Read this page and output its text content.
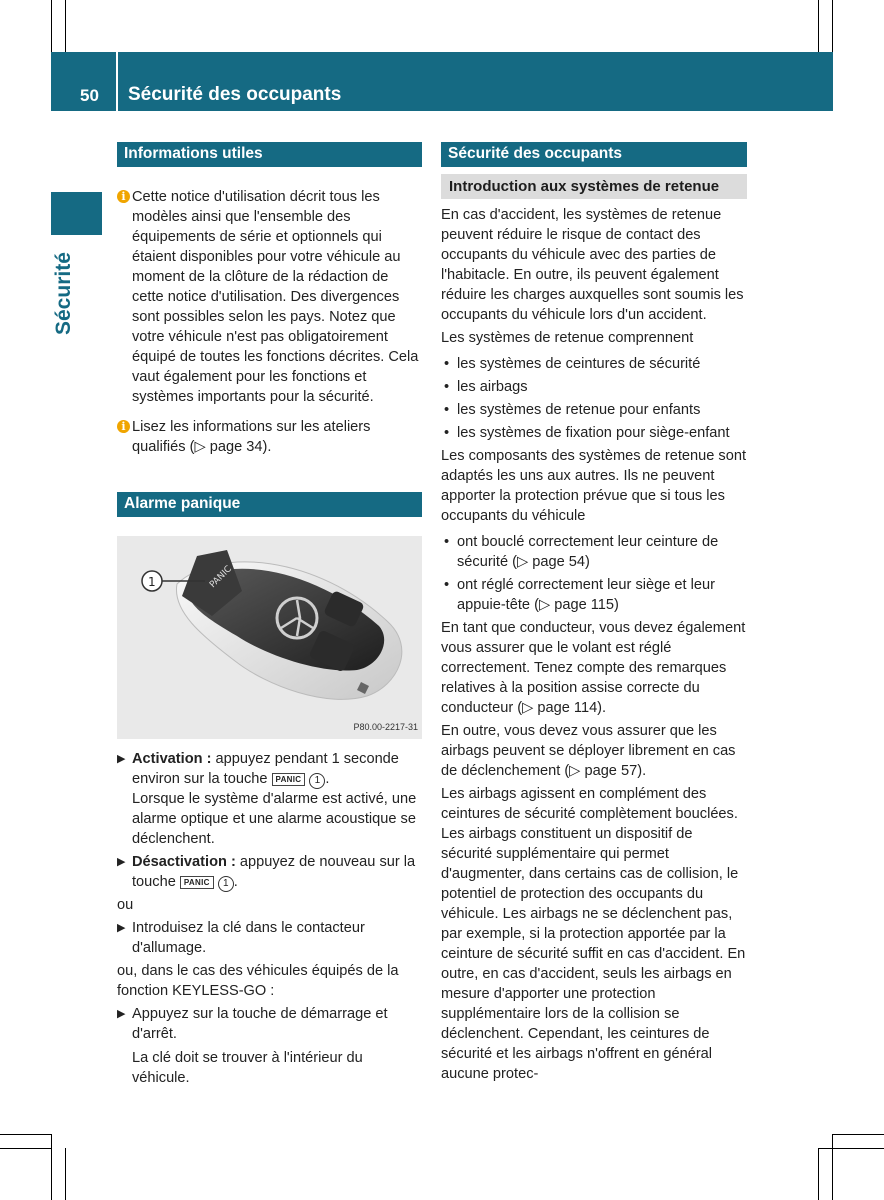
50 Sécurité des occupants
Sécurité
Informations utiles
i Cette notice d'utilisation décrit tous les modèles ainsi que l'ensemble des équipements de série et optionnels qui étaient disponibles pour votre véhicule au moment de la clôture de la rédaction de cette notice d'utilisation. Des divergences sont possibles selon les pays. Notez que votre véhicule n'est pas obligatoirement équipé de toutes les fonctions décrites. Cela vaut également pour les fonctions et systèmes importants pour la sécurité.
i Lisez les informations sur les ateliers qualifiés (▷ page 34).
Alarme panique
PANIC
1
P80.00-2217-31
▶ Activation : appuyez pendant 1 seconde environ sur la touche PANIC 1 .

Lorsque le système d'alarme est activé, une alarme optique et une alarme acoustique se déclenchent.

▶ Désactivation : appuyez de nouveau sur la touche PANIC 1 .

ou

▶ Introduisez la clé dans le contacteur d'allumage.

ou, dans le cas des véhicules équipés de la fonction KEYLESS-GO :

▶ Appuyez sur la touche de démarrage et d'arrêt.

La clé doit se trouver à l'intérieur du véhicule.

Sécurité des occupants
Introduction aux systèmes de retenue

En cas d'accident, les systèmes de retenue peuvent réduire le risque de contact des occupants du véhicule avec des parties de l'habitacle. En outre, ils peuvent également réduire les charges auxquelles sont soumis les occupants du véhicule lors d'un accident.

Les systèmes de retenue comprennent

• les systèmes de ceintures de sécurité
• les airbags
• les systèmes de retenue pour enfants
• les systèmes de fixation pour siège-enfant

Les composants des systèmes de retenue sont adaptés les uns aux autres. Ils ne peuvent apporter la protection prévue que si tous les occupants du véhicule

• ont bouclé correctement leur ceinture de sécurité (▷ page 54)
• ont réglé correctement leur siège et leur appuie-tête (▷ page 115)

En tant que conducteur, vous devez également vous assurer que le volant est réglé correctement. Tenez compte des remarques relatives à la position assise correcte du conducteur (▷ page 114).

En outre, vous devez vous assurer que les airbags peuvent se déployer librement en cas de déclenchement (▷ page 57).

Les airbags agissent en complément des ceintures de sécurité complètement bouclées. Les airbags constituent un dispositif de sécurité supplémentaire qui permet d'augmenter, dans certains cas de collision, le potentiel de protection des occupants du véhicule. Les airbags ne se déclenchent pas, par exemple, si la protection apportée par la ceinture de sécurité suffit en cas d'accident. En outre, en cas d'accident, seuls les airbags en mesure d'apporter une protection supplémentaire lors de la collision se déclenchent. Cependant, les ceintures de sécurité et les airbags n'offrent en général aucune protec-
